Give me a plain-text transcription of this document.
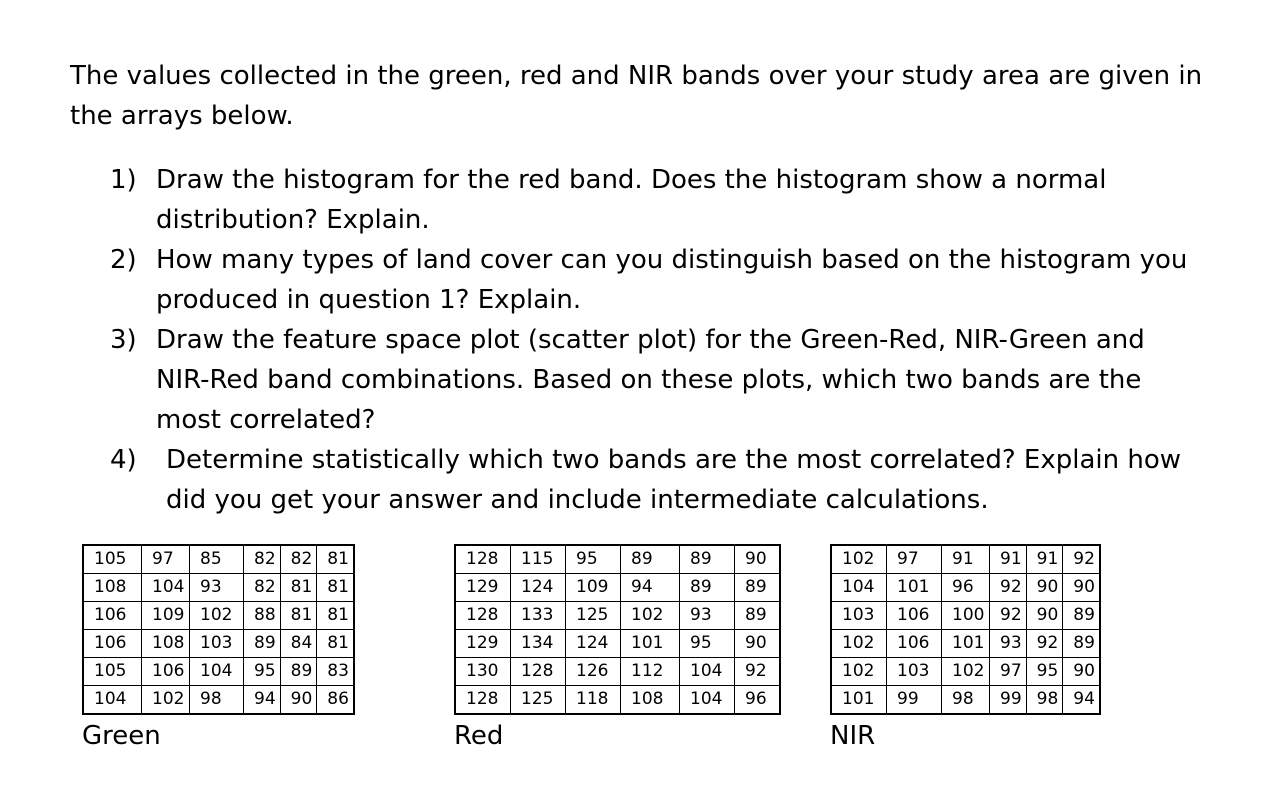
The values collected in the green, red and NIR bands over your study area are given in the arrays below.

1) Draw the histogram for the red band. Does the histogram show a normal distribution? Explain.
2) How many types of land cover can you distinguish based on the histogram you produced in question 1? Explain.
3) Draw the feature space plot (scatter plot) for the Green-Red, NIR-Green and NIR-Red band combinations. Based on these plots, which two bands are the most correlated?
4)	Determine statistically which two bands are the most correlated? Explain how did you get your answer and include intermediate calculations.
105	97	85	82	82	81
108	104	93	82	81	81
106	109	102	88	81	81
106	108	103	89	84	81
105	106	104	95	89	83
104	102	98	94	90	86
Green
128	115	95	89	89	90
129	124	109	94	89	89
128	133	125	102	93	89
129	134	124	101	95	90
130	128	126	112	104	92
128	125	118	108	104	96
Red
102	97	91	91	91	92
104	101	96	92	90	90
103	106	100	92	90	89
102	106	101	93	92	89
102	103	102	97	95	90
101	99	98	99	98	94
NIR
